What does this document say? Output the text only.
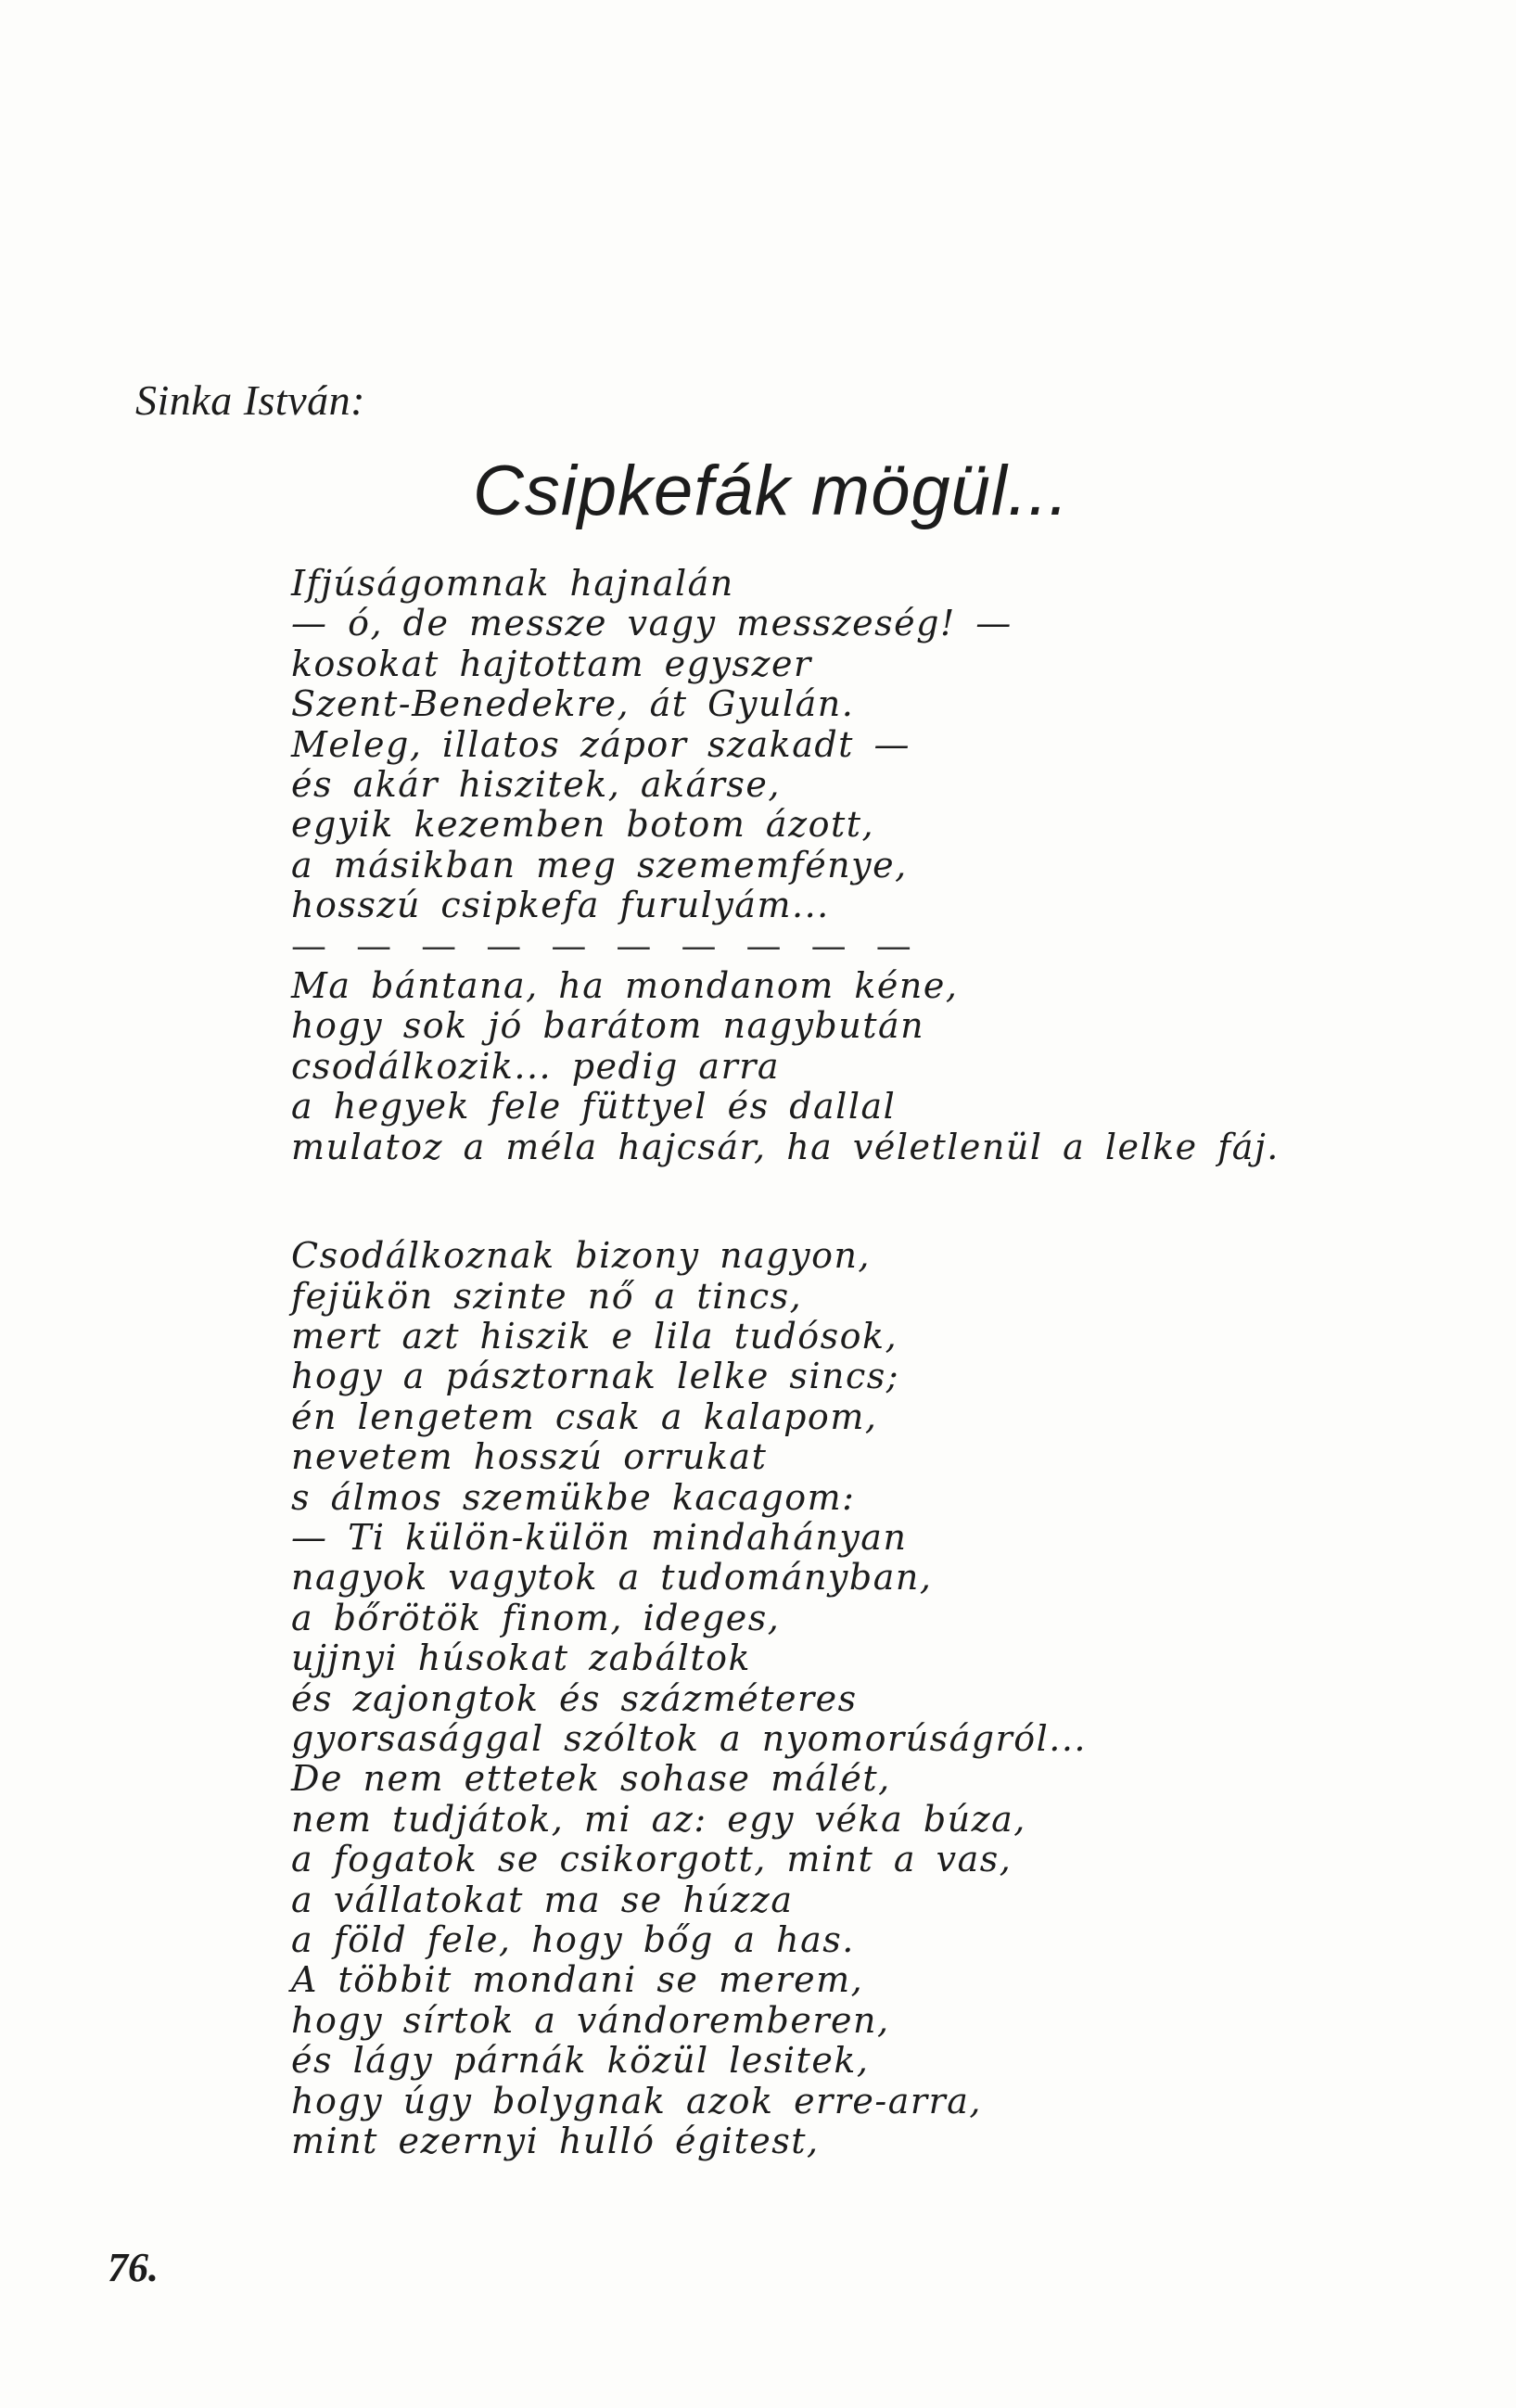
Sinka István:
Csipkefák mögül...
Ifjúságomnak hajnalán
— ó, de messze vagy messzeség! —
kosokat hajtottam egyszer
Szent-Benedekre, át Gyulán.
Meleg, illatos zápor szakadt —
és akár hiszitek, akárse,
egyik kezemben botom ázott,
a másikban meg szememfénye,
hosszú csipkefa furulyám...
— — — — — — — — — —
Ma bántana, ha mondanom kéne,
hogy sok jó barátom nagybután
csodálkozik... pedig arra
a hegyek fele füttyel és dallal
mulatoz a méla hajcsár, ha véletlenül a lelke fáj.
Csodálkoznak bizony nagyon,
fejükön szinte nő a tincs,
mert azt hiszik e lila tudósok,
hogy a pásztornak lelke sincs;
én lengetem csak a kalapom,
nevetem hosszú orrukat
s álmos szemükbe kacagom:
— Ti külön-külön mindahányan
nagyok vagytok a tudományban,
a bőrötök finom, ideges,
ujjnyi húsokat zabáltok
és zajongtok és százméteres
gyorsasággal szóltok a nyomorúságról...
De nem ettetek sohase málét,
nem tudjátok, mi az: egy véka búza,
a fogatok se csikorgott, mint a vas,
a vállatokat ma se húzza
a föld fele, hogy bőg a has.
A többit mondani se merem,
hogy sírtok a vándoremberen,
és lágy párnák közül lesitek,
hogy úgy bolygnak azok erre-arra,
mint ezernyi hulló égitest,
76.
